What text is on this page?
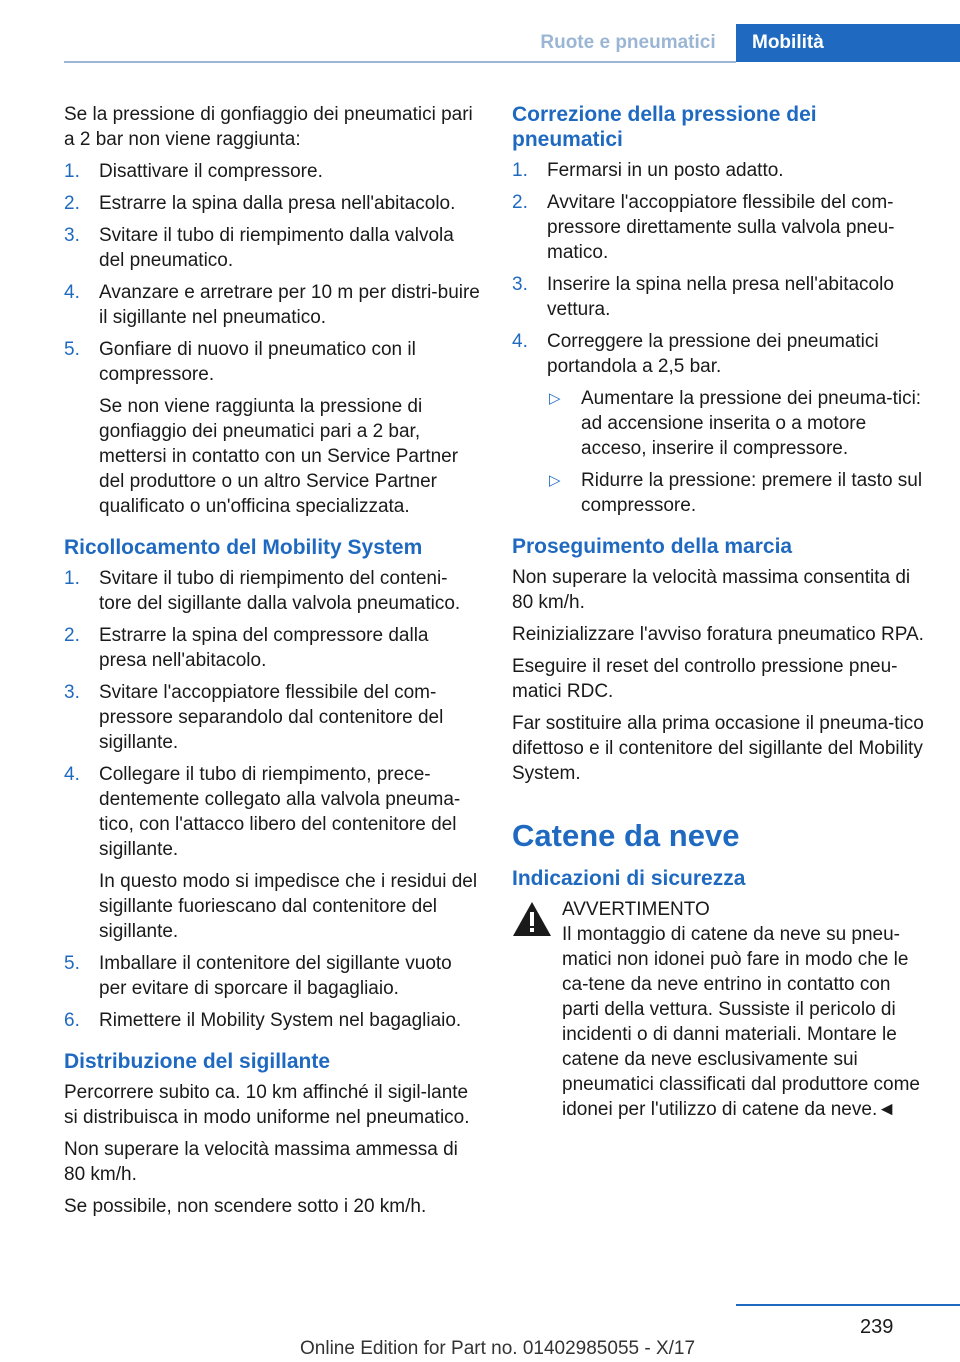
Ruote e pneumatici	Mobilità

Se la pressione di gonfiaggio dei pneumatici pari a 2 bar non viene raggiunta:

1. Disattivare il compressore.
2. Estrarre la spina dalla presa nell'abitacolo.
3. Svitare il tubo di riempimento dalla valvola del pneumatico.
4. Avanzare e arretrare per 10 m per distri‐buire il sigillante nel pneumatico.
5. Gonfiare di nuovo il pneumatico con il compressore.
Se non viene raggiunta la pressione di gonfiaggio dei pneumatici pari a 2 bar, mettersi in contatto con un Service Partner del produttore o un altro Service Partner qualificato o un'officina specializzata.
Ricollocamento del Mobility System
1. Svitare il tubo di riempimento del conteni‐tore del sigillante dalla valvola pneumatico.
2. Estrarre la spina del compressore dalla presa nell'abitacolo.
3. Svitare l'accoppiatore flessibile del com‐pressore separandolo dal contenitore del sigillante.
4. Collegare il tubo di riempimento, prece‐dentemente collegato alla valvola pneuma‐tico, con l'attacco libero del contenitore del sigillante.
In questo modo si impedisce che i residui del sigillante fuoriescano dal contenitore del sigillante.
5. Imballare il contenitore del sigillante vuoto per evitare di sporcare il bagagliaio.
6. Rimettere il Mobility System nel bagagliaio.
Distribuzione del sigillante

Percorrere subito ca. 10 km affinché il sigil‐lante si distribuisca in modo uniforme nel pneumatico.

Non superare la velocità massima ammessa di 80 km/h.

Se possibile, non scendere sotto i 20 km/h.

Correzione della pressione dei pneumatici
1. Fermarsi in un posto adatto.
2. Avvitare l'accoppiatore flessibile del com‐pressore direttamente sulla valvola pneu‐matico.
3. Inserire la spina nella presa nell'abitacolo vettura.
4. Correggere la pressione dei pneumatici portandola a 2,5 bar.
▷ Aumentare la pressione dei pneuma‐tici: ad accensione inserita o a motore acceso, inserire il compressore.
▷ Ridurre la pressione: premere il tasto sul compressore.
Proseguimento della marcia

Non superare la velocità massima consentita di 80 km/h.

Reinizializzare l'avviso foratura pneumatico RPA.

Eseguire il reset del controllo pressione pneu‐matici RDC.

Far sostituire alla prima occasione il pneuma‐tico difettoso e il contenitore del sigillante del Mobility System.

Catene da neve
Indicazioni di sicurezza
AVVERTIMENTO
Il montaggio di catene da neve su pneu‐matici non idonei può fare in modo che le ca‐tene da neve entrino in contatto con parti della vettura. Sussiste il pericolo di incidenti o di danni materiali. Montare le catene da neve esclusivamente sui pneumatici classificati dal produttore come idonei per l'utilizzo di catene da neve.◄
239
Online Edition for Part no. 01402985055 - X/17
